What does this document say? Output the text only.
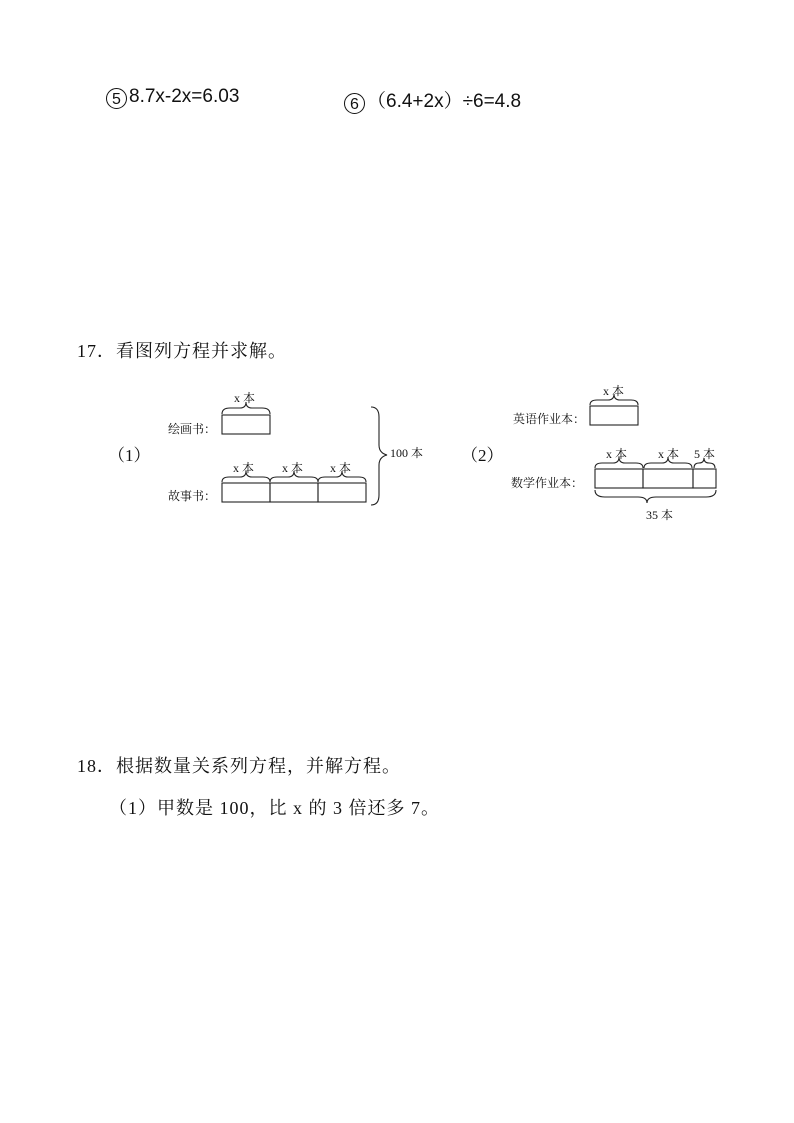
5 8.7x-2x=6.03	6 （6.4+2x）÷6=4.8
17．看图列方程并求解。
（1）
绘画书：
故事书：
x 本
x 本 x 本 x 本
100 本 （2）
英语作业本：
数学作业本：
x 本
x 本	x 本 5 本
35 本
18．根据数量关系列方程，并解方程。
（1）甲数是 100，比 x 的 3 倍还多 7。
